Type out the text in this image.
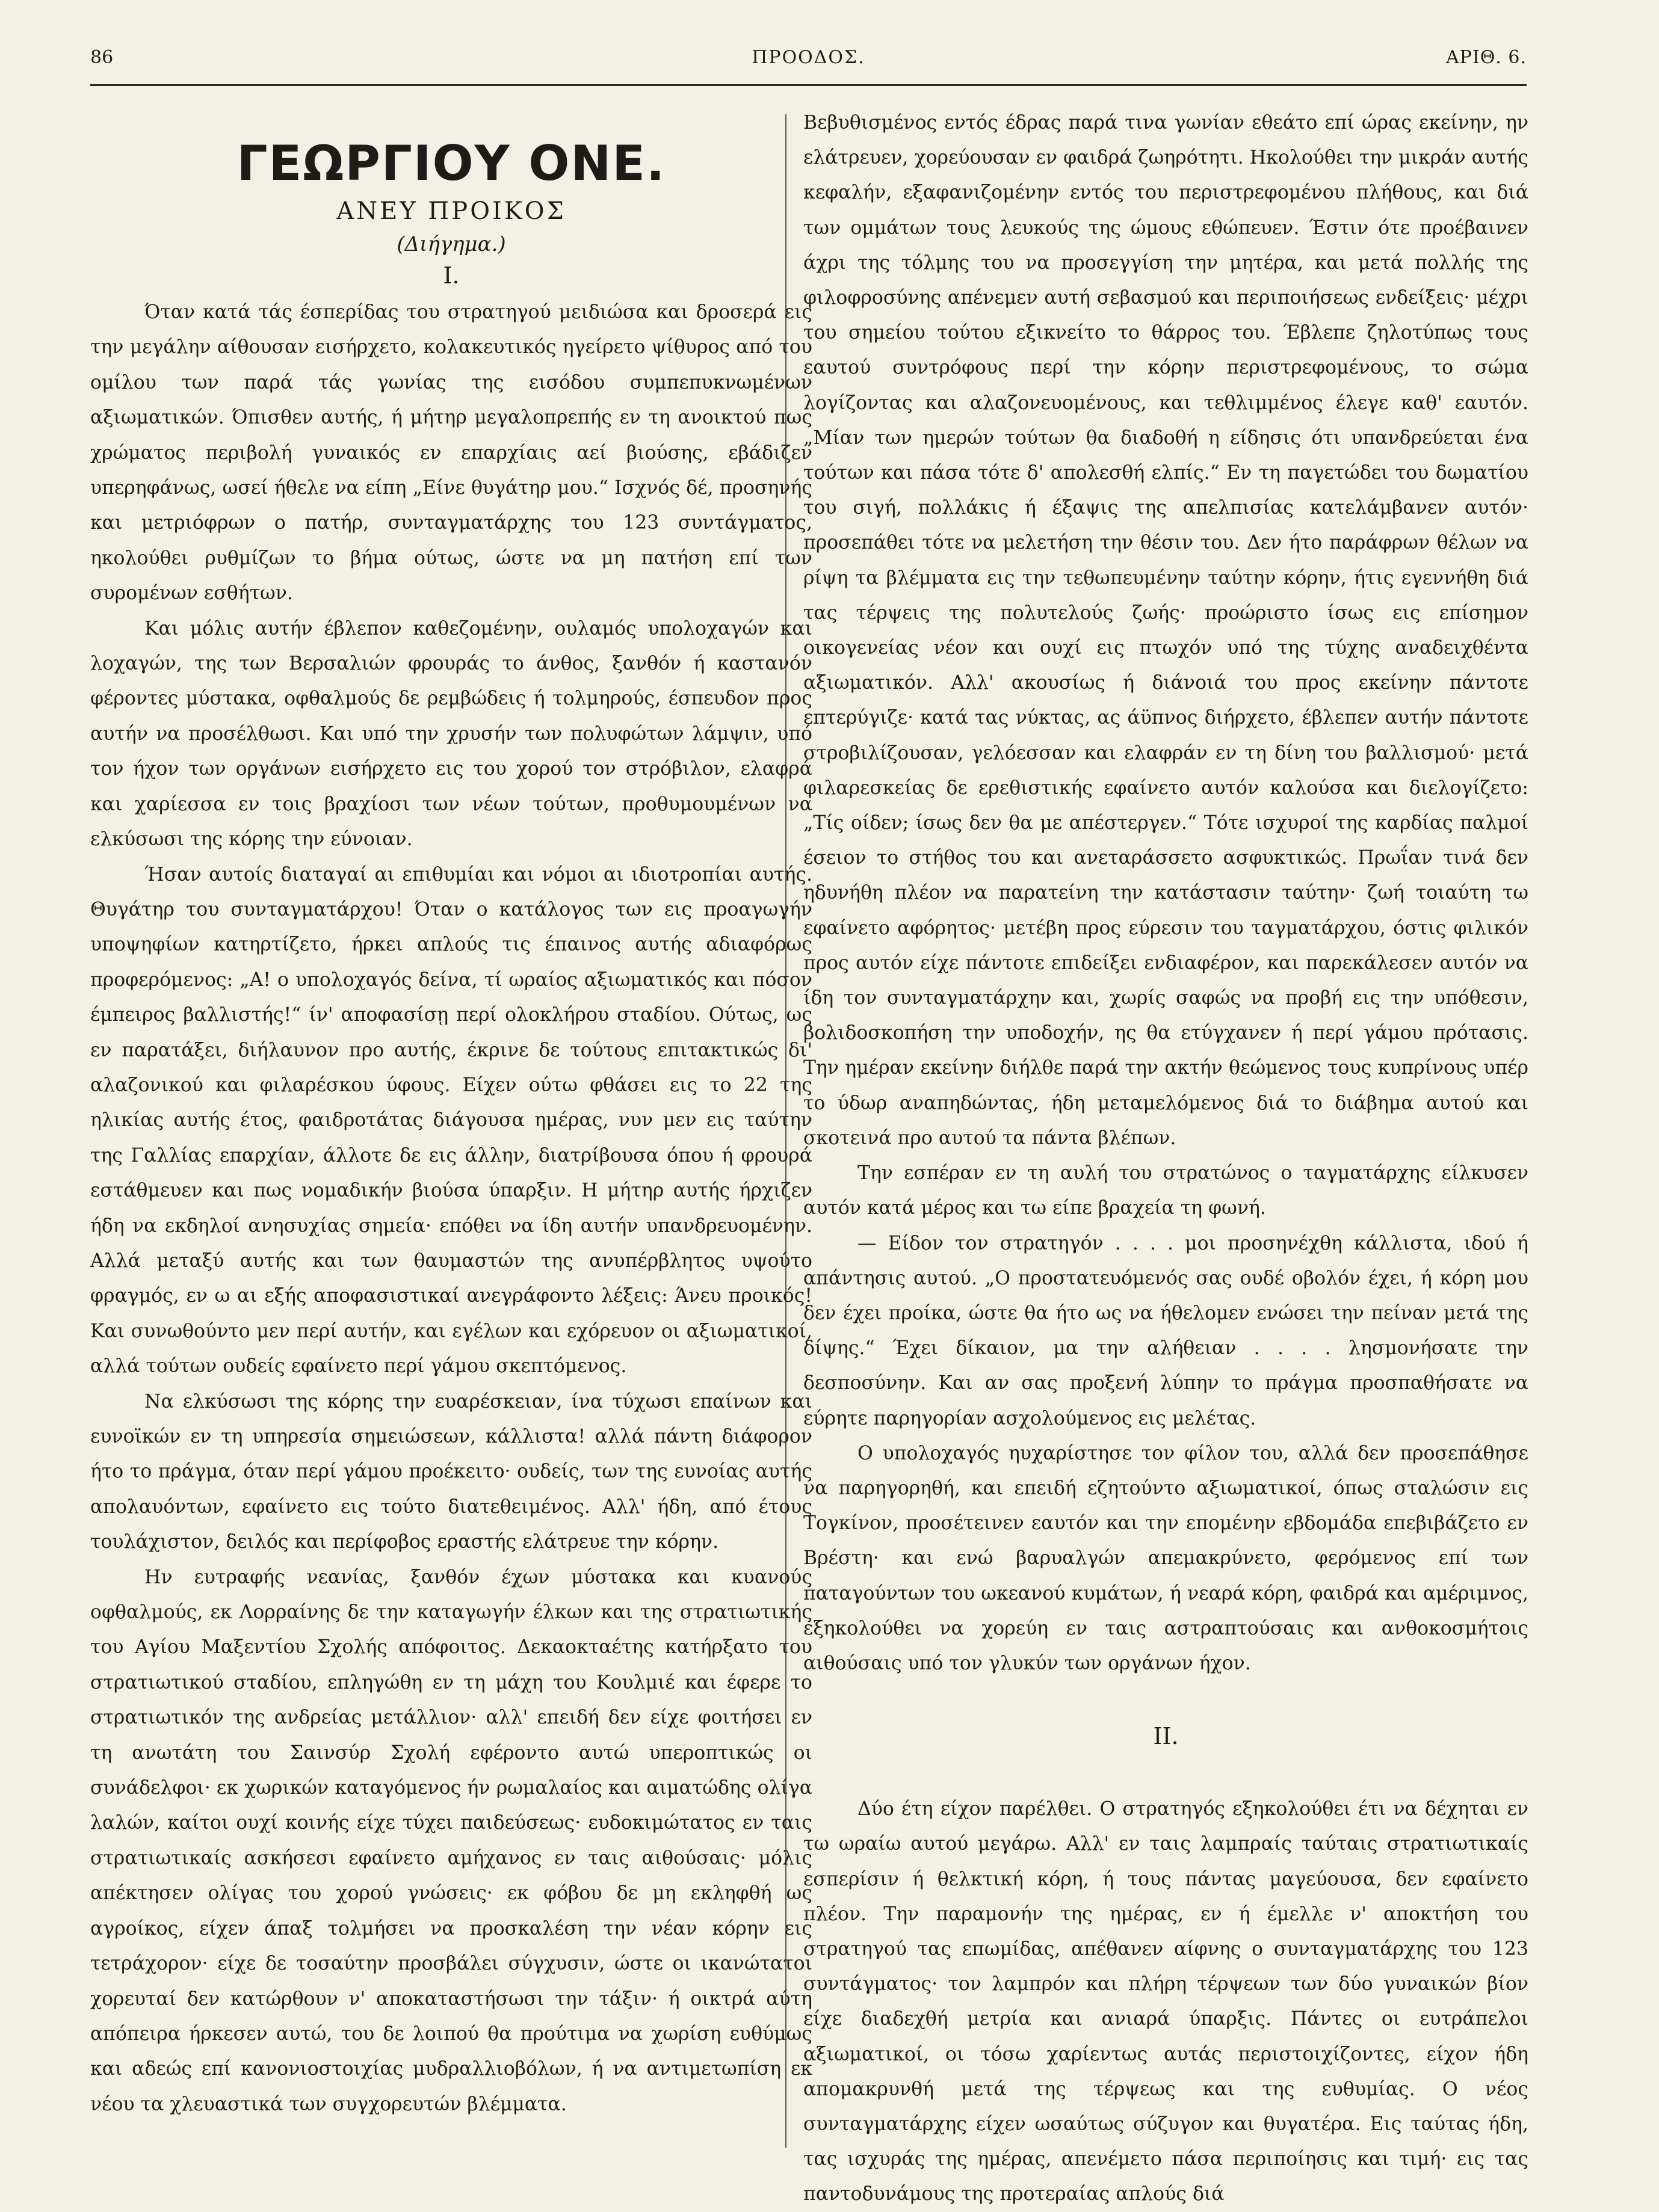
86	ΠΡΟΟΔΟΣ.	ΑΡΙΘ. 6.
ΓΕΩΡΓΙΟΥ ΟΝΕ.
ΑΝΕΥ ΠΡΟΙΚΟΣ
(Διήγημα.)
I.

Όταν κατά τάς έσπερίδας του στρατηγού μειδιώσα και δροσερά εις την μεγάλην αίθουσαν εισήρχετο, κολακευτικός ηγείρετο ψίθυρος από του ομίλου των παρά τάς γωνίας της εισόδου συμπεπυκνωμένων αξιωματικών. Όπισθεν αυτής, ή μήτηρ μεγαλοπρεπής εν τη ανοικτού πως χρώματος περιβολή γυναικός εν επαρχίαις αεί βιούσης, εβάδιζεν υπερηφάνως, ωσεί ήθελε να είπη „Είνε θυγάτηρ μου.“ Ισχνός δέ, προσηνής και μετριόφρων ο πατήρ, συνταγματάρχης του 123 συντάγματος, ηκολούθει ρυθμίζων το βήμα ούτως, ώστε να μη πατήση επί των συρομένων εσθήτων.

Και μόλις αυτήν έβλεπον καθεζομένην, ουλαμός υπολοχαγών και λοχαγών, της των Βερσαλιών φρουράς το άνθος, ξανθόν ή καστανόν φέροντες μύστακα, οφθαλμούς δε ρεμβώδεις ή τολμηρούς, έσπευδον προς αυτήν να προσέλθωσι. Και υπό την χρυσήν των πολυφώτων λάμψιν, υπό τον ήχον των οργάνων εισήρχετο εις του χορού τον στρόβιλον, ελαφρά και χαρίεσσα εν τοις βραχίοσι των νέων τούτων, προθυμουμένων να ελκύσωσι της κόρης την εύνοιαν.

Ήσαν αυτοίς διαταγαί αι επιθυμίαι και νόμοι αι ιδιοτροπίαι αυτής. Θυγάτηρ του συνταγματάρχου! Όταν ο κατάλογος των εις προαγωγήν υποψηφίων κατηρτίζετο, ήρκει απλούς τις έπαινος αυτής αδιαφόρως προφερόμενος: „Α! ο υπολοχαγός δείνα, τί ωραίος αξιωματικός και πόσον έμπειρος βαλλιστής!“ ίν' αποφασίσῃ περί ολοκλήρου σταδίου. Ούτως, ως εν παρατάξει, διήλαυνον προ αυτής, έκρινε δε τούτους επιτακτικώς δι' αλαζονικού και φιλαρέσκου ύφους. Είχεν ούτω φθάσει εις το 22 της ηλικίας αυτής έτος, φαιδροτάτας διάγουσα ημέρας, νυν μεν εις ταύτην της Γαλλίας επαρχίαν, άλλοτε δε εις άλλην, διατρίβουσα όπου ή φρουρά εστάθμευεν και πως νομαδικήν βιούσα ύπαρξιν. Η μήτηρ αυτής ήρχιζεν ήδη να εκδηλοί ανησυχίας σημεία· επόθει να ίδη αυτήν υπανδρευομένην. Αλλά μεταξύ αυτής και των θαυμαστών της ανυπέρβλητος υψούτο φραγμός, εν ω αι εξής αποφασιστικαί ανεγράφοντο λέξεις: Άνευ προικός! Και συνωθούντο μεν περί αυτήν, και εγέλων και εχόρευον οι αξιωματικοί, αλλά τούτων ουδείς εφαίνετο περί γάμου σκεπτόμενος.

Να ελκύσωσι της κόρης την ευαρέσκειαν, ίνα τύχωσι επαίνων και ευνοϊκών εν τη υπηρεσία σημειώσεων, κάλλιστα! αλλά πάντη διάφορον ήτο το πράγμα, όταν περί γάμου προέκειτο· ουδείς, των της ευνοίας αυτής απολαυόντων, εφαίνετο εις τούτο διατεθειμένος. Αλλ' ήδη, από έτους τουλάχιστον, δειλός και περίφοβος εραστής ελάτρευε την κόρην.

Ην ευτραφής νεανίας, ξανθόν έχων μύστακα και κυανούς οφθαλμούς, εκ Λορραίνης δε την καταγωγήν έλκων και της στρατιωτικής του Αγίου Μαξεντίου Σχολής απόφοιτος. Δεκαοκταέτης κατήρξατο του στρατιωτικού σταδίου, επληγώθη εν τη μάχη του Κουλμιέ και έφερε το στρατιωτικόν της ανδρείας μετάλλιον· αλλ' επειδή δεν είχε φοιτήσει εν τη ανωτάτη του Σαινσύρ Σχολή εφέροντο αυτώ υπεροπτικώς οι συνάδελφοι· εκ χωρικών καταγόμενος ήν ρωμαλαίος και αιματώδης ολίγα λαλών, καίτοι ουχί κοινής είχε τύχει παιδεύσεως· ευδοκιμώτατος εν ταις στρατιωτικαίς ασκήσεσι εφαίνετο αμήχανος εν ταις αιθούσαις· μόλις απέκτησεν ολίγας του χορού γνώσεις· εκ φόβου δε μη εκληφθή ως αγροίκος, είχεν άπαξ τολμήσει να προσκαλέση την νέαν κόρην εις τετράχορον· είχε δε τοσαύτην προσβάλει σύγχυσιν, ώστε οι ικανώτατοι χορευταί δεν κατώρθουν ν' αποκαταστήσωσι την τάξιν· ή οικτρά αύτη απόπειρα ήρκεσεν αυτώ, του δε λοιπού θα προύτιμα να χωρίση ευθύμως και αδεώς επί κανονιοστοιχίας μυδραλλιοβόλων, ή να αντιμετωπίση εκ νέου τα χλευαστικά των συγχορευτών βλέμματα.

Βεβυθισμένος εντός έδρας παρά τινα γωνίαν εθεάτο επί ώρας εκείνην, ην ελάτρευεν, χορεύουσαν εν φαιδρά ζωηρότητι. Ηκολούθει την μικράν αυτής κεφαλήν, εξαφανιζομένην εντός του περιστρεφομένου πλήθους, και διά των ομμάτων τους λευκούς της ώμους εθώπευεν. Έστιν ότε προέβαινεν άχρι της τόλμης του να προσεγγίση την μητέρα, και μετά πολλής της φιλοφροσύνης απένεμεν αυτή σεβασμού και περιποιήσεως ενδείξεις· μέχρι του σημείου τούτου εξικνείτο το θάρρος του. Έβλεπε ζηλοτύπως τους εαυτού συντρόφους περί την κόρην περιστρεφομένους, το σώμα λογίζοντας και αλαζονευομένους, και τεθλιμμένος έλεγε καθ' εαυτόν. „Μίαν των ημερών τούτων θα διαδοθή η είδησις ότι υπανδρεύεται ένα τούτων και πάσα τότε δ' απολεσθή ελπίς.“ Εν τη παγετώδει του δωματίου του σιγή, πολλάκις ή έξαψις της απελπισίας κατελάμβανεν αυτόν· προσεπάθει τότε να μελετήση την θέσιν του. Δεν ήτο παράφρων θέλων να ρίψη τα βλέμματα εις την τεθωπευμένην ταύτην κόρην, ήτις εγεννήθη διά τας τέρψεις της πολυτελούς ζωής· προώριστο ίσως εις επίσημον οικογενείας νέον και ουχί εις πτωχόν υπό της τύχης αναδειχθέντα αξιωματικόν. Αλλ' ακουσίως ή διάνοιά του προς εκείνην πάντοτε επτερύγιζε· κατά τας νύκτας, ας άϋπνος διήρχετο, έβλεπεν αυτήν πάντοτε στροβιλίζουσαν, γελόεσσαν και ελαφράν εν τη δίνη του βαλλισμού· μετά φιλαρεσκείας δε ερεθιστικής εφαίνετο αυτόν καλούσα και διελογίζετο: „Τίς οίδεν; ίσως δεν θα με απέστεργεν.“ Τότε ισχυροί της καρδίας παλμοί έσειον το στήθος του και ανεταράσσετο ασφυκτικώς. Πρωΐαν τινά δεν ηδυνήθη πλέον να παρατείνη την κατάστασιν ταύτην· ζωή τοιαύτη τω εφαίνετο αφόρητος· μετέβη προς εύρεσιν του ταγματάρχου, όστις φιλικόν προς αυτόν είχε πάντοτε επιδείξει ενδιαφέρον, και παρεκάλεσεν αυτόν να ίδη τον συνταγματάρχην και, χωρίς σαφώς να προβή εις την υπόθεσιν, βολιδοσκοπήση την υποδοχήν, ης θα ετύγχανεν ή περί γάμου πρότασις. Την ημέραν εκείνην διήλθε παρά την ακτήν θεώμενος τους κυπρίνους υπέρ το ύδωρ αναπηδώντας, ήδη μεταμελόμενος διά το διάβημα αυτού και σκοτεινά προ αυτού τα πάντα βλέπων.

Την εσπέραν εν τη αυλή του στρατώνος ο ταγματάρχης είλκυσεν αυτόν κατά μέρος και τω είπε βραχεία τη φωνή.

— Είδον τον στρατηγόν . . . . μοι προσηνέχθη κάλλιστα, ιδού ή απάντησις αυτού. „Ο προστατευόμενός σας ουδέ οβολόν έχει, ή κόρη μου δεν έχει προίκα, ώστε θα ήτο ως να ήθελομεν ενώσει την πείναν μετά της δίψης.“ Έχει δίκαιον, μα την αλήθειαν . . . . λησμονήσατε την δεσποσύνην. Και αν σας προξενή λύπην το πράγμα προσπαθήσατε να εύρητε παρηγορίαν ασχολούμενος εις μελέτας.

Ο υπολοχαγός ηυχαρίστησε τον φίλον του, αλλά δεν προσεπάθησε να παρηγορηθή, και επειδή εζητούντο αξιωματικοί, όπως σταλώσιν εις Τογκίνον, προσέτεινεν εαυτόν και την επομένην εβδομάδα επεβιβάζετο εν Βρέστη· και ενώ βαρυαλγών απεμακρύνετο, φερόμενος επί των παταγούντων του ωκεανού κυμάτων, ή νεαρά κόρη, φαιδρά και αμέριμνος, εξηκολούθει να χορεύη εν ταις αστραπτούσαις και ανθοκοσμήτοις αιθούσαις υπό τον γλυκύν των οργάνων ήχον.

II.

Δύο έτη είχον παρέλθει. Ο στρατηγός εξηκολούθει έτι να δέχηται εν τω ωραίω αυτού μεγάρω. Αλλ' εν ταις λαμπραίς ταύταις στρατιωτικαίς εσπερίσιν ή θελκτική κόρη, ή τους πάντας μαγεύουσα, δεν εφαίνετο πλέον. Την παραμονήν της ημέρας, εν ή έμελλε ν' αποκτήση του στρατηγού τας επωμίδας, απέθανεν αίφνης ο συνταγματάρχης του 123 συντάγματος· τον λαμπρόν και πλήρη τέρψεων των δύο γυναικών βίον είχε διαδεχθή μετρία και ανιαρά ύπαρξις. Πάντες οι ευτράπελοι αξιωματικοί, οι τόσω χαρίεντως αυτάς περιστοιχίζοντες, είχον ήδη απομακρυνθή μετά της τέρψεως και της ευθυμίας. Ο νέος συνταγματάρχης είχεν ωσαύτως σύζυγον και θυγατέρα. Εις ταύτας ήδη, τας ισχυράς της ημέρας, απενέμετο πάσα περιποίησις και τιμή· εις τας παντοδυνάμους της προτεραίας απλούς διά
